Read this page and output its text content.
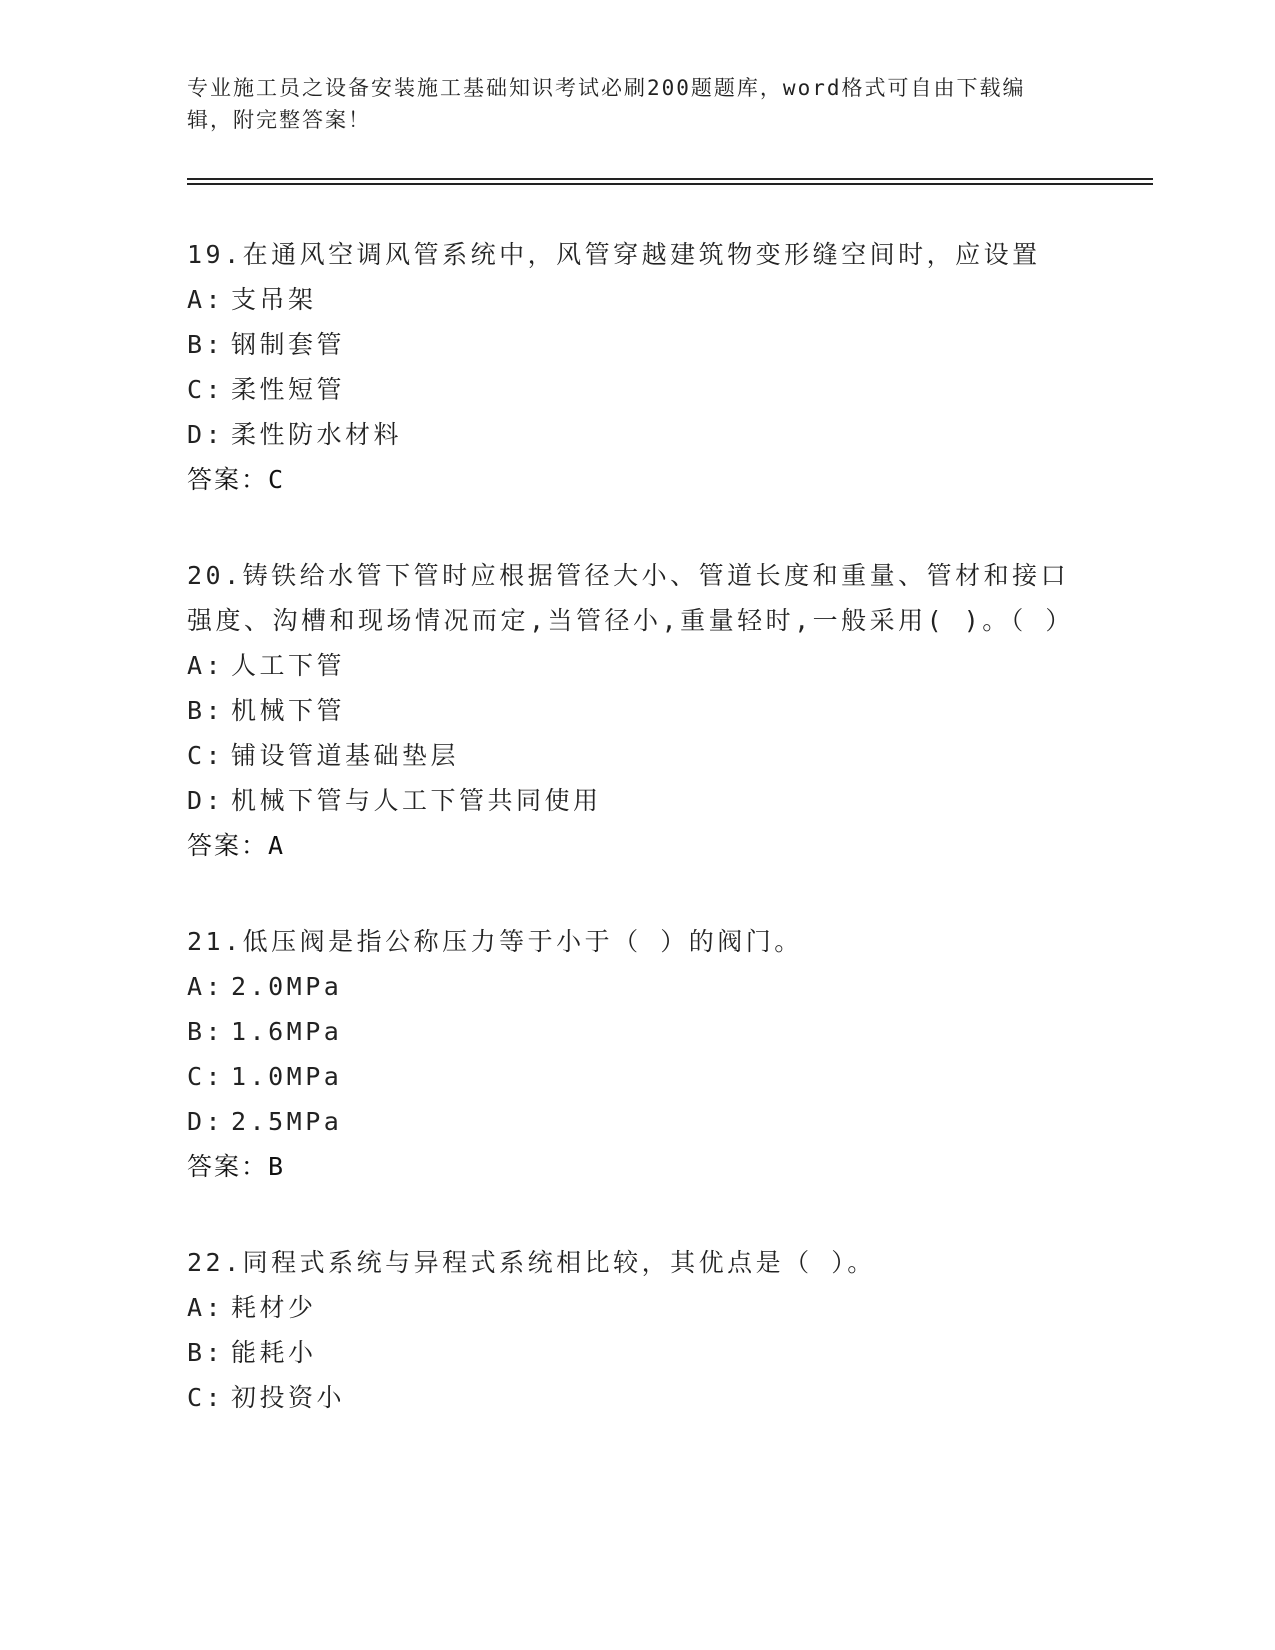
专业施工员之设备安装施工基础知识考试必刷200题题库，word格式可自由下载编辑，附完整答案！

19.在通风空调风管系统中，风管穿越建筑物变形缝空间时，应设置

A: 支吊架
B: 钢制套管
C: 柔性短管
D: 柔性防水材料

答案：C

20.铸铁给水管下管时应根据管径大小、管道长度和重量、管材和接口强度、沟槽和现场情况而定,当管径小,重量轻时,一般采用( )。（ ）

A: 人工下管
B: 机械下管
C: 铺设管道基础垫层
D: 机械下管与人工下管共同使用

答案：A

21.低压阀是指公称压力等于小于（ ）的阀门。

A: 2.0MPa
B: 1.6MPa
C: 1.0MPa
D: 2.5MPa

答案：B

22.同程式系统与异程式系统相比较，其优点是（ ）。

A: 耗材少
B: 能耗小
C: 初投资小
